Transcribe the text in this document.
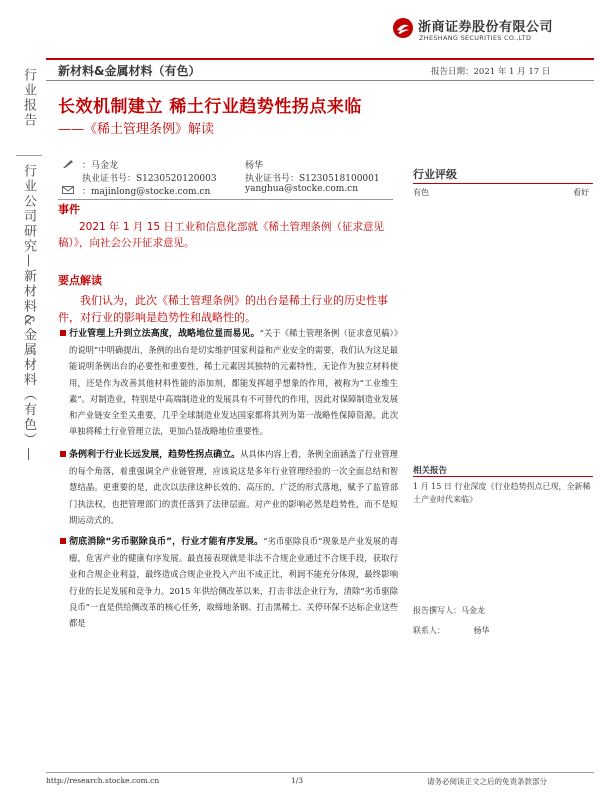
浙商证券股份有限公司
ZHESHANG SECURITIES CO.,LTD
新材料&金属材料（有色）	报告日期：2021 年 1 月 17 日
行业报告
行业公司研究—新材料&金属材料（有色）—
长效机制建立 稀土行业趋势性拐点来临
——《稀土管理条例》解读
：马金龙	杨华
执业证书号：S1230520120003	执业证书号：S1230518100001
：majinlong@stocke.com.cn	yanghua@stocke.com.cn
事件
2021 年 1 月 15 日工业和信息化部就《稀土管理条例（征求意见稿）》，向社会公开征求意见。
要点解读
我们认为，此次《稀土管理条例》的出台是稀土行业的历史性事件，对行业的影响是趋势性和战略性的。
行业管理上升到立法高度，战略地位显而易见。“关于《稀土管理条例（征求意见稿）》的说明”中明确提出，条例的出台是切实维护国家利益和产业安全的需要，我们认为这足最能说明条例出台的必要性和重要性，稀土元素因其独特的元素特性，无论作为独立材料使用，还是作为改善其他材料性能的添加剂，都能发挥超乎想象的作用，被称为“工业维生素”。对制造业，特别是中高端制造业的发展具有不可替代的作用，因此对保障制造业发展和产业链安全至关重要，几乎全球制造业发达国家都将其列为第一战略性保障资源。此次单独将稀土行业管理立法，更加凸显战略地位重要性。
条例利于行业长远发展，趋势性拐点确立。从具体内容上看，条例全面涵盖了行业管理的每个角落，着重强调全产业链管理，应该说这是多年行业管理经验的一次全面总结和智慧结晶。更重要的是，此次以法律这种长效的、高压的，广泛的形式落地，赋予了监管部门执法权，也把管理部门的责任落到了法律层面。对产业的影响必然是趋势性，而不是短期运动式的。
彻底消除“劣币驱除良币”，行业才能有序发展。“劣币驱除良币”现象是产业发展的毒瘤，危害产业的健康有序发展。最直接表现就是非法不合规企业通过不合规手段，获取行业和合规企业利益，最终造成合规企业投入产出不成正比，利润不能充分体现，最终影响行业的长足发展和竞争力。2015 年供给侧改革以来，打击非法企业行为，清除“劣币驱除良币”一直是供给侧改革的核心任务，取缔地条钢、打击黑稀土、关停环保不达标企业这些都是
行业评级
有色	看好
相关报告
1 月 15 日 行业深度《行业趋势拐点已现，全新稀土产业时代来临》
报告撰写人：马金龙
联系人：	杨华
http://research.stocke.com.cn	1/3	请务必阅读正文之后的免责条款部分
